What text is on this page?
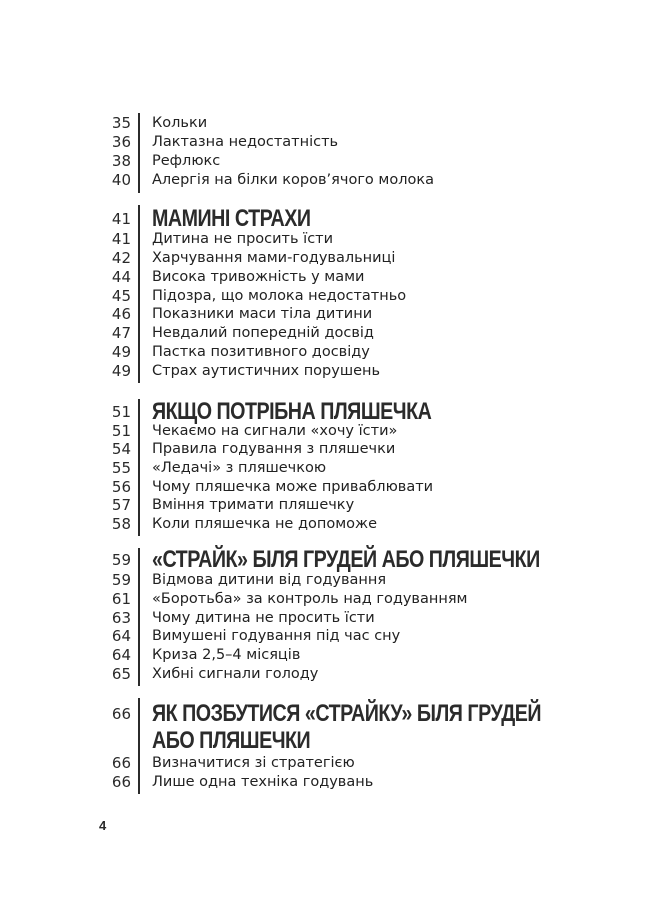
35 Кольки
36 Лактазна недостатність
38 Рефлюкс
40 Алергія на білки коров’ячого молока
41 МАМИНІ СТРАХИ
41 Дитина не просить їсти
42 Харчування мами-годувальниці
44 Висока тривожність у мами
45 Підозра, що молока недостатньо
46 Показники маси тіла дитини
47 Невдалий попередній досвід
49 Пастка позитивного досвіду
49 Страх аутистичних порушень
51 ЯКЩО ПОТРІБНА ПЛЯШЕЧКА
51 Чекаємо на сигнали «хочу їсти»
54 Правила годування з пляшечки
55 «Ледачі» з пляшечкою
56 Чому пляшечка може приваблювати
57 Вміння тримати пляшечку
58 Коли пляшечка не допоможе
59 «СТРАЙК» БІЛЯ ГРУДЕЙ АБО ПЛЯШЕЧКИ
59 Відмова дитини від годування
61 «Боротьба» за контроль над годуванням
63 Чому дитина не просить їсти
64 Вимушені годування під час сну
64 Криза 2,5–4 місяців
65 Хибні сигнали голоду
66 ЯК ПОЗБУТИСЯ «СТРАЙКУ» БІЛЯ ГРУДЕЙ
АБО ПЛЯШЕЧКИ
66 Визначитися зі стратегією
66 Лише одна техніка годувань
4
